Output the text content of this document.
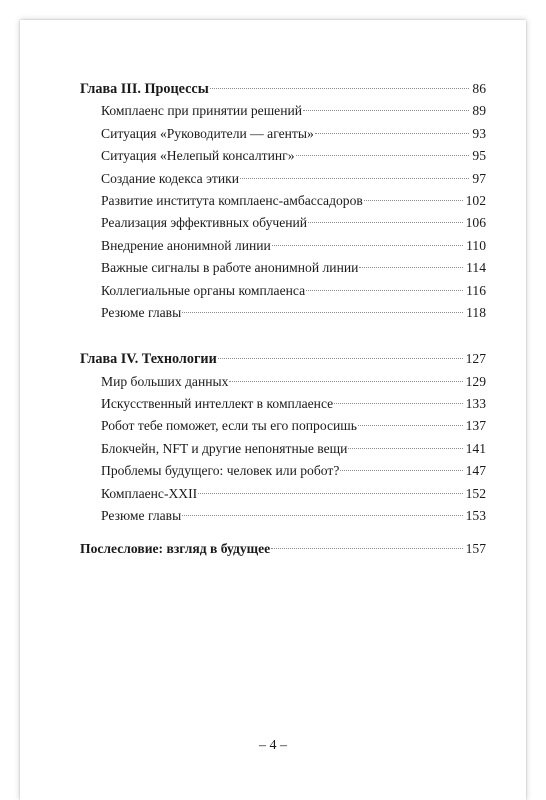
Глава III. Процессы	86
Комплаенс при принятии решений	89
Ситуация «Руководители — агенты»	93
Ситуация «Нелепый консалтинг»	95
Создание кодекса этики	97
Развитие института комплаенс-амбассадоров	102
Реализация эффективных обучений	106
Внедрение анонимной линии	110
Важные сигналы в работе анонимной линии	114
Коллегиальные органы комплаенса	116
Резюме главы	118
Глава IV. Технологии	127
Мир больших данных	129
Искусственный интеллект в комплаенсе	133
Робот тебе поможет, если ты его попросишь	137
Блокчейн, NFT и другие непонятные вещи	141
Проблемы будущего: человек или робот?	147
Комплаенс-XXII	152
Резюме главы	153
Послесловие: взгляд в будущее	157
– 4 –
